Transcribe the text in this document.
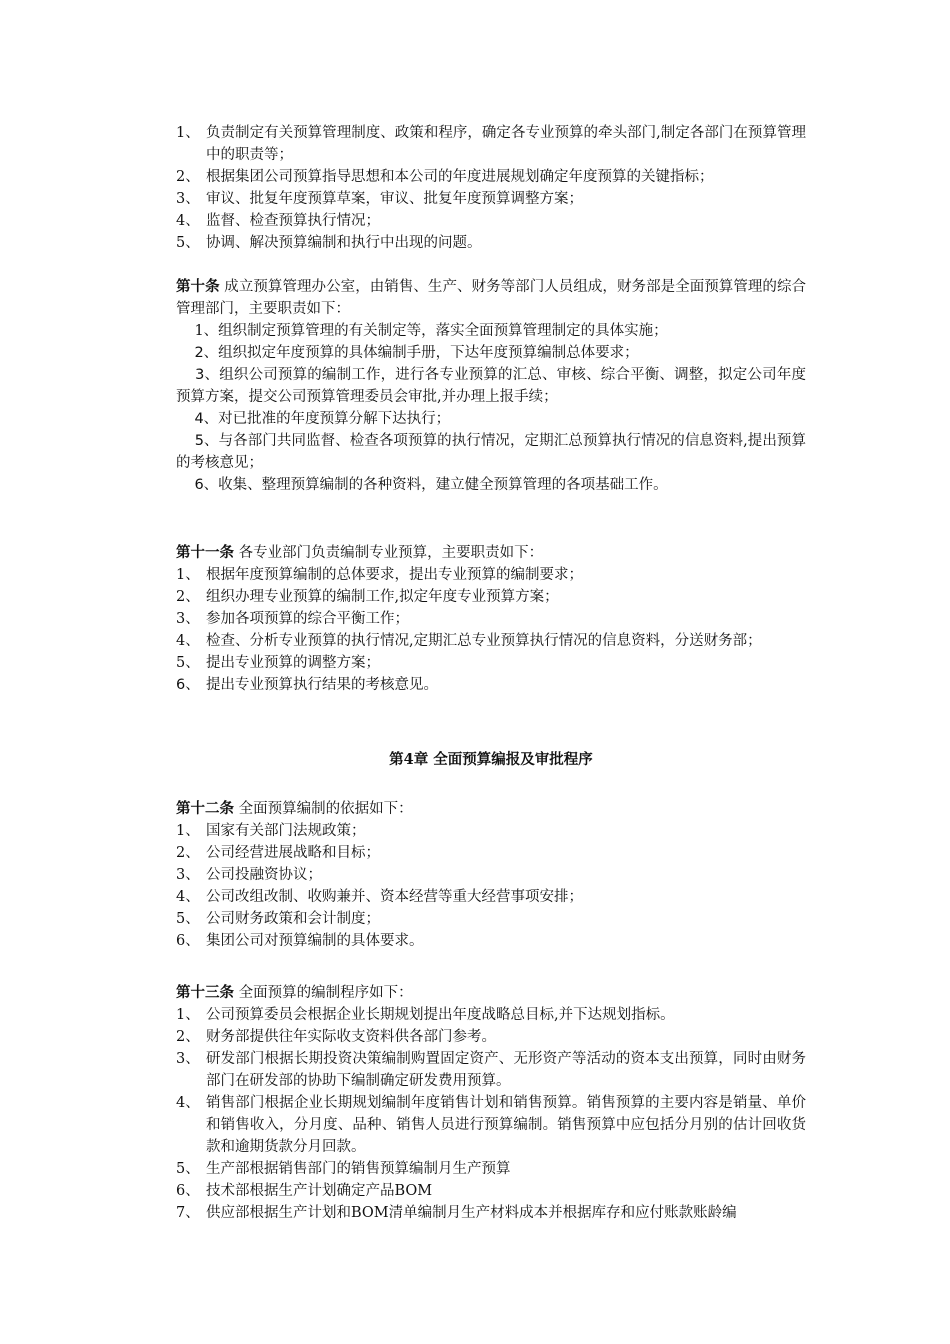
1、 负责制定有关预算管理制度、政策和程序，确定各专业预算的牵头部门,制定各部门在预算管理中的职责等；
2、 根据集团公司预算指导思想和本公司的年度进展规划确定年度预算的关键指标；
3、 审议、批复年度预算草案，审议、批复年度预算调整方案；
4、 监督、检查预算执行情况；
5、 协调、解决预算编制和执行中出现的问题。
第十条 成立预算管理办公室，由销售、生产、财务等部门人员组成，财务部是全面预算管理的综合管理部门，主要职责如下：
1、组织制定预算管理的有关制定等，落实全面预算管理制定的具体实施；
2、组织拟定年度预算的具体编制手册，下达年度预算编制总体要求；
3、组织公司预算的编制工作，进行各专业预算的汇总、审核、综合平衡、调整，拟定公司年度预算方案，提交公司预算管理委员会审批,并办理上报手续；
4、对已批准的年度预算分解下达执行；
5、与各部门共同监督、检查各项预算的执行情况，定期汇总预算执行情况的信息资料,提出预算的考核意见；
6、收集、整理预算编制的各种资料，建立健全预算管理的各项基础工作。
第十一条 各专业部门负责编制专业预算，主要职责如下：
1、 根据年度预算编制的总体要求，提出专业预算的编制要求；
2、 组织办理专业预算的编制工作,拟定年度专业预算方案；
3、 参加各项预算的综合平衡工作；
4、 检查、分析专业预算的执行情况,定期汇总专业预算执行情况的信息资料，分送财务部；
5、 提出专业预算的调整方案；
6、 提出专业预算执行结果的考核意见。
第4章 全面预算编报及审批程序
第十二条 全面预算编制的依据如下：
1、 国家有关部门法规政策；
2、 公司经营进展战略和目标；
3、 公司投融资协议；
4、 公司改组改制、收购兼并、资本经营等重大经营事项安排；
5、 公司财务政策和会计制度；
6、 集团公司对预算编制的具体要求。
第十三条 全面预算的编制程序如下：
1、 公司预算委员会根据企业长期规划提出年度战略总目标,并下达规划指标。
2、 财务部提供往年实际收支资料供各部门参考。
3、 研发部门根据长期投资决策编制购置固定资产、无形资产等活动的资本支出预算，同时由财务部门在研发部的协助下编制确定研发费用预算。
4、 销售部门根据企业长期规划编制年度销售计划和销售预算。销售预算的主要内容是销量、单价和销售收入，分月度、品种、销售人员进行预算编制。销售预算中应包括分月别的估计回收货款和逾期货款分月回款。
5、 生产部根据销售部门的销售预算编制月生产预算
6、 技术部根据生产计划确定产品BOM
7、 供应部根据生产计划和BOM清单编制月生产材料成本并根据库存和应付账款账龄编
